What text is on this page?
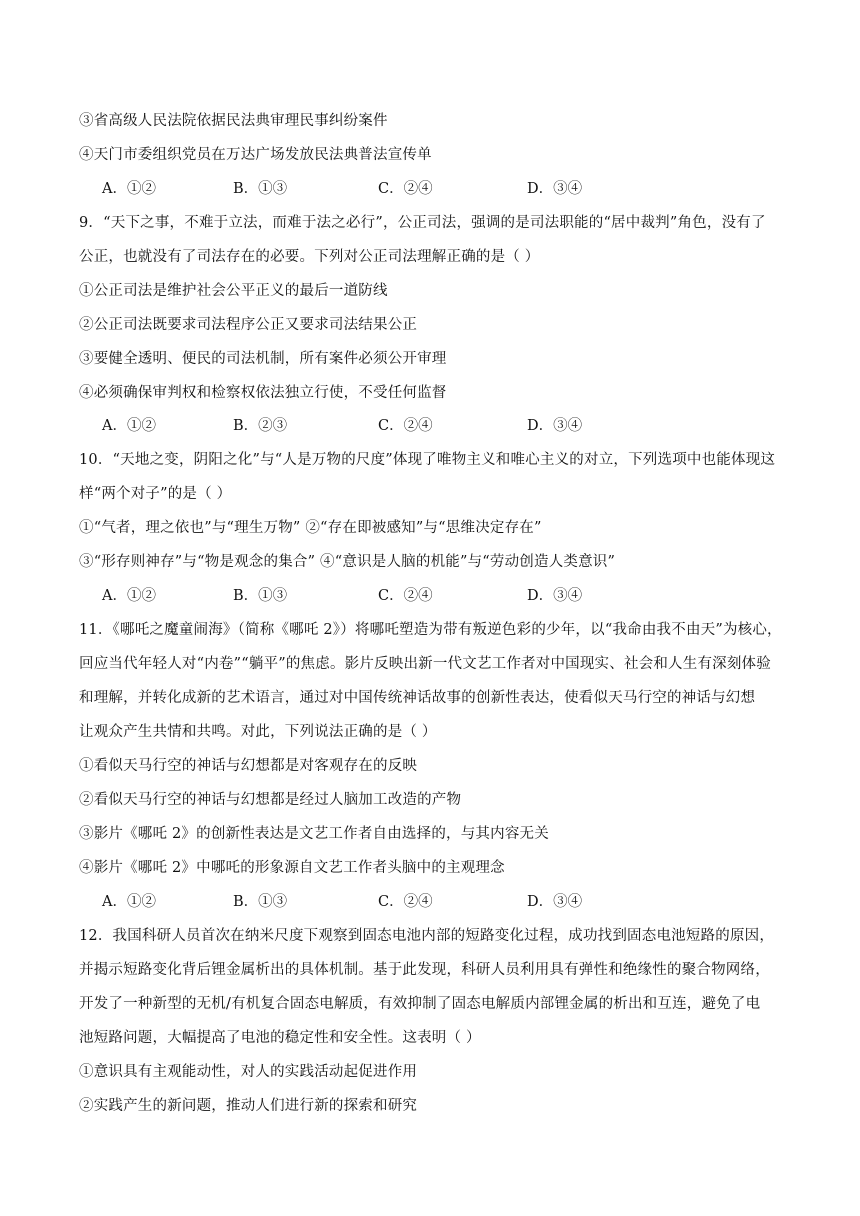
③省高级人民法院依据民法典审理民事纠纷案件
④天门市委组织党员在万达广场发放民法典普法宣传单
A．①②	B．①③	C．②④	D．③④
9．“天下之事，不难于立法，而难于法之必行”，公正司法，强调的是司法职能的“居中裁判”角色，没有了
公正，也就没有了司法存在的必要。下列对公正司法理解正确的是（ ）
①公正司法是维护社会公平正义的最后一道防线
②公正司法既要求司法程序公正又要求司法结果公正
③要健全透明、便民的司法机制，所有案件必须公开审理
④必须确保审判权和检察权依法独立行使，不受任何监督
A．①②	B．②③	C．②④	D．③④
10．“天地之变，阴阳之化”与“人是万物的尺度”体现了唯物主义和唯心主义的对立，下列选项中也能体现这
样“两个对子”的是（ ）
①“气者，理之依也”与“理生万物” ②“存在即被感知”与“思维决定存在”
③“形存则神存”与“物是观念的集合” ④“意识是人脑的机能”与“劳动创造人类意识”
A．①②	B．①③	C．②④	D．③④
11．《哪吒之魔童闹海》（简称《哪吒 2》）将哪吒塑造为带有叛逆色彩的少年，以“我命由我不由天”为核心，
回应当代年轻人对“内卷”“躺平”的焦虑。影片反映出新一代文艺工作者对中国现实、社会和人生有深刻体验
和理解，并转化成新的艺术语言，通过对中国传统神话故事的创新性表达，使看似天马行空的神话与幻想
让观众产生共情和共鸣。对此，下列说法正确的是（ ）
①看似天马行空的神话与幻想都是对客观存在的反映
②看似天马行空的神话与幻想都是经过人脑加工改造的产物
③影片《哪吒 2》的创新性表达是文艺工作者自由选择的，与其内容无关
④影片《哪吒 2》中哪吒的形象源自文艺工作者头脑中的主观理念
A．①②	B．①③	C．②④	D．③④
12．我国科研人员首次在纳米尺度下观察到固态电池内部的短路变化过程，成功找到固态电池短路的原因，
并揭示短路变化背后锂金属析出的具体机制。基于此发现，科研人员利用具有弹性和绝缘性的聚合物网络，
开发了一种新型的无机/有机复合固态电解质，有效抑制了固态电解质内部锂金属的析出和互连，避免了电
池短路问题，大幅提高了电池的稳定性和安全性。这表明（ ）
①意识具有主观能动性，对人的实践活动起促进作用
②实践产生的新问题，推动人们进行新的探索和研究
